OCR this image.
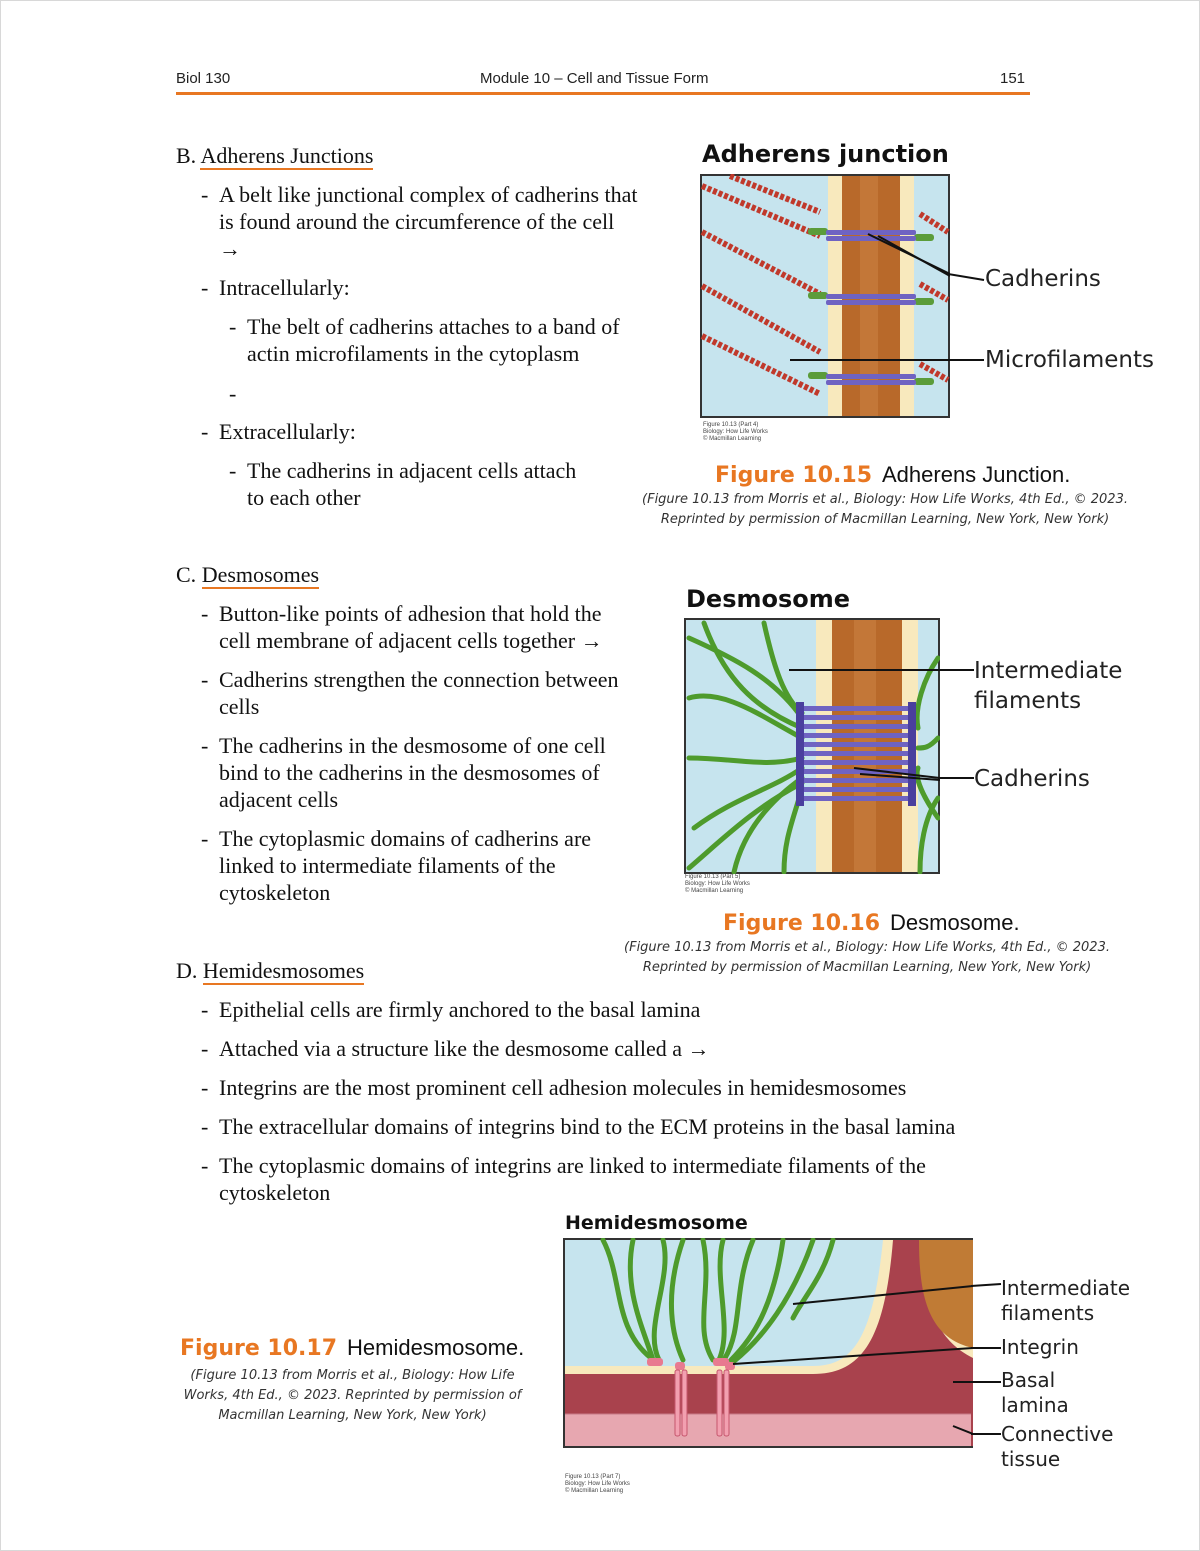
Biol 130	Module 10 – Cell and Tissue Form	151
B. Adherens Junctions
- A belt like junctional complex of cadherins that
is found around the circumference of the cell
→
- Intracellularly:
- The belt of cadherins attaches to a band of
actin microfilaments in the cytoplasm
-
- Extracellularly:
- The cadherins in adjacent cells attach
to each other
Adherens junction
Cadherins
Microfilaments
Figure 10.13 (Part 4)
Biology: How Life Works
© Macmillan Learning
Figure 10.15 Adherens Junction.
(Figure 10.13 from Morris et al., Biology: How Life Works, 4th Ed., © 2023.
Reprinted by permission of Macmillan Learning, New York, New York)
C. Desmosomes
- Button-like points of adhesion that hold the
cell membrane of adjacent cells together →
- Cadherins strengthen the connection between
cells
- The cadherins in the desmosome of one cell
bind to the cadherins in the desmosomes of
adjacent cells
- The cytoplasmic domains of cadherins are
linked to intermediate filaments of the
cytoskeleton
Desmosome
Intermediate
filaments
Cadherins
Figure 10.13 (Part 5)
Biology: How Life Works
© Macmillan Learning
Figure 10.16 Desmosome.
(Figure 10.13 from Morris et al., Biology: How Life Works, 4th Ed., © 2023.
Reprinted by permission of Macmillan Learning, New York, New York)
D. Hemidesmosomes
- Epithelial cells are firmly anchored to the basal lamina
- Attached via a structure like the desmosome called a →
- Integrins are the most prominent cell adhesion molecules in hemidesmosomes
- The extracellular domains of integrins bind to the ECM proteins in the basal lamina
- The cytoplasmic domains of integrins are linked to intermediate filaments of the
cytoskeleton
Hemidesmosome
Intermediate
filaments
Integrin
Basal
lamina
Connective
tissue
Figure 10.13 (Part 7)
Biology: How Life Works
© Macmillan Learning
Figure 10.17 Hemidesmosome.
(Figure 10.13 from Morris et al., Biology: How Life
Works, 4th Ed., © 2023. Reprinted by permission of
Macmillan Learning, New York, New York)
